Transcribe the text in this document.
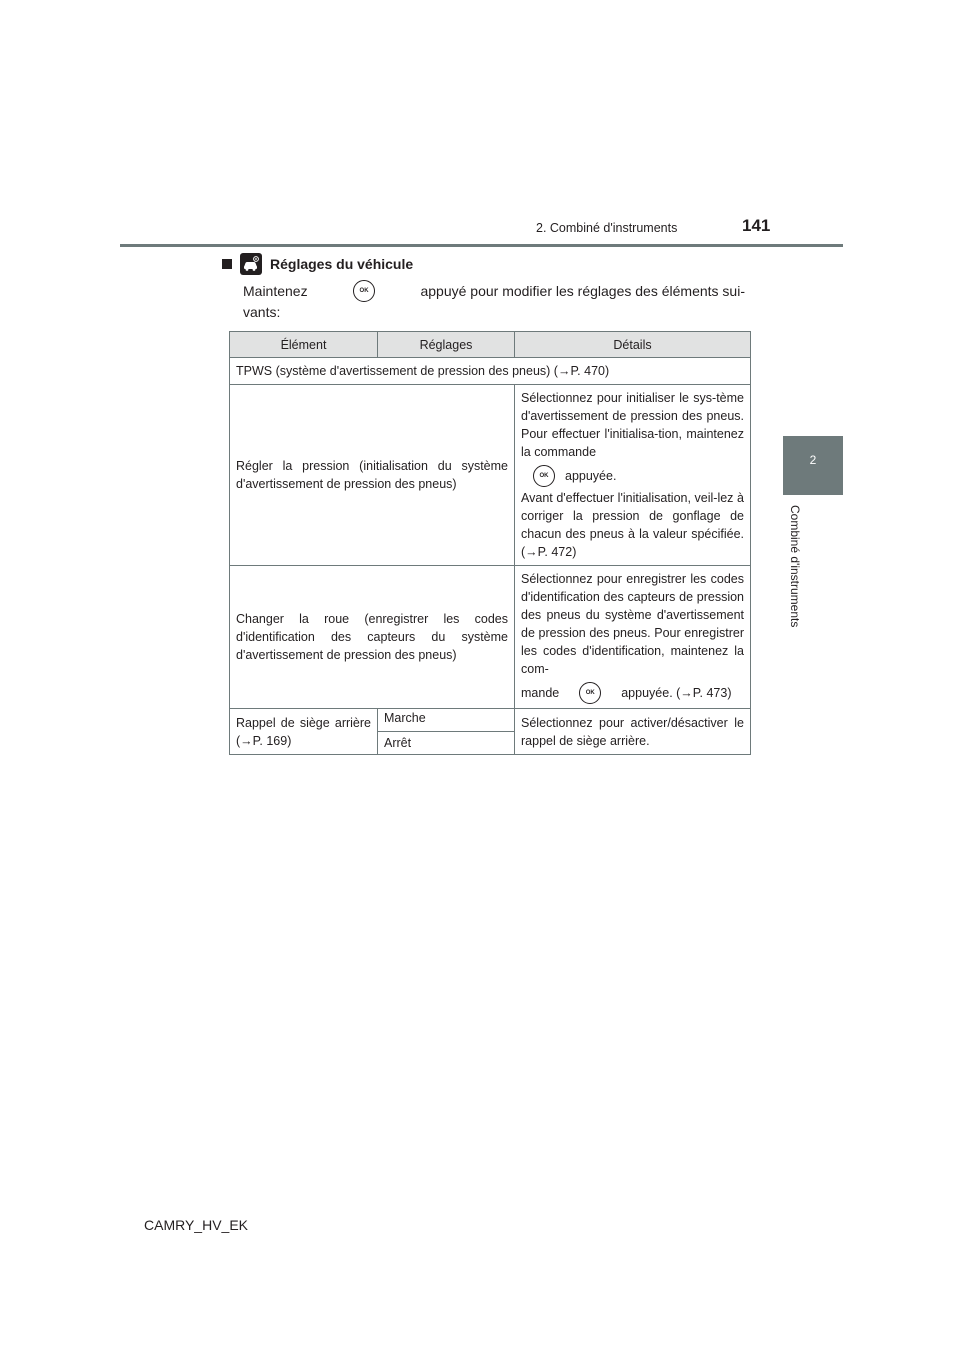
2. Combiné d'instruments	141
2
Combiné d'instruments
Réglages du véhicule
Maintenez	OK	appuyé pour modifier les réglages des éléments sui-
vants:
Élément	Réglages	Détails
TPWS (système d'avertissement de pression des pneus) (→P. 470)		
Régler la pression (initialisation du système d'avertissement de pression des pneus)		Sélectionnez pour initialiser le sys-tème d'avertissement de pression des pneus. Pour effectuer l'initialisa-tion, maintenez la commande
OK appuyée.
Avant d'effectuer l'initialisation, veil-lez à corriger la pression de gonflage de chacun des pneus à la valeur spécifiée. (→P. 472)

Changer la roue (enregistrer les codes d'identification des capteurs du système d'avertissement de pression des pneus)		Sélectionnez pour enregistrer les codes d'identification des capteurs de pression des pneus du système d'avertissement de pression des pneus. Pour enregistrer les codes d'identification, maintenez la com-
mande OK appuyée. (→P. 473)

Rappel de siège arrière (→P. 169)	Marche	Sélectionnez pour activer/désactiver le rappel de siège arrière.
	Arrêt	
CAMRY_HV_EK
